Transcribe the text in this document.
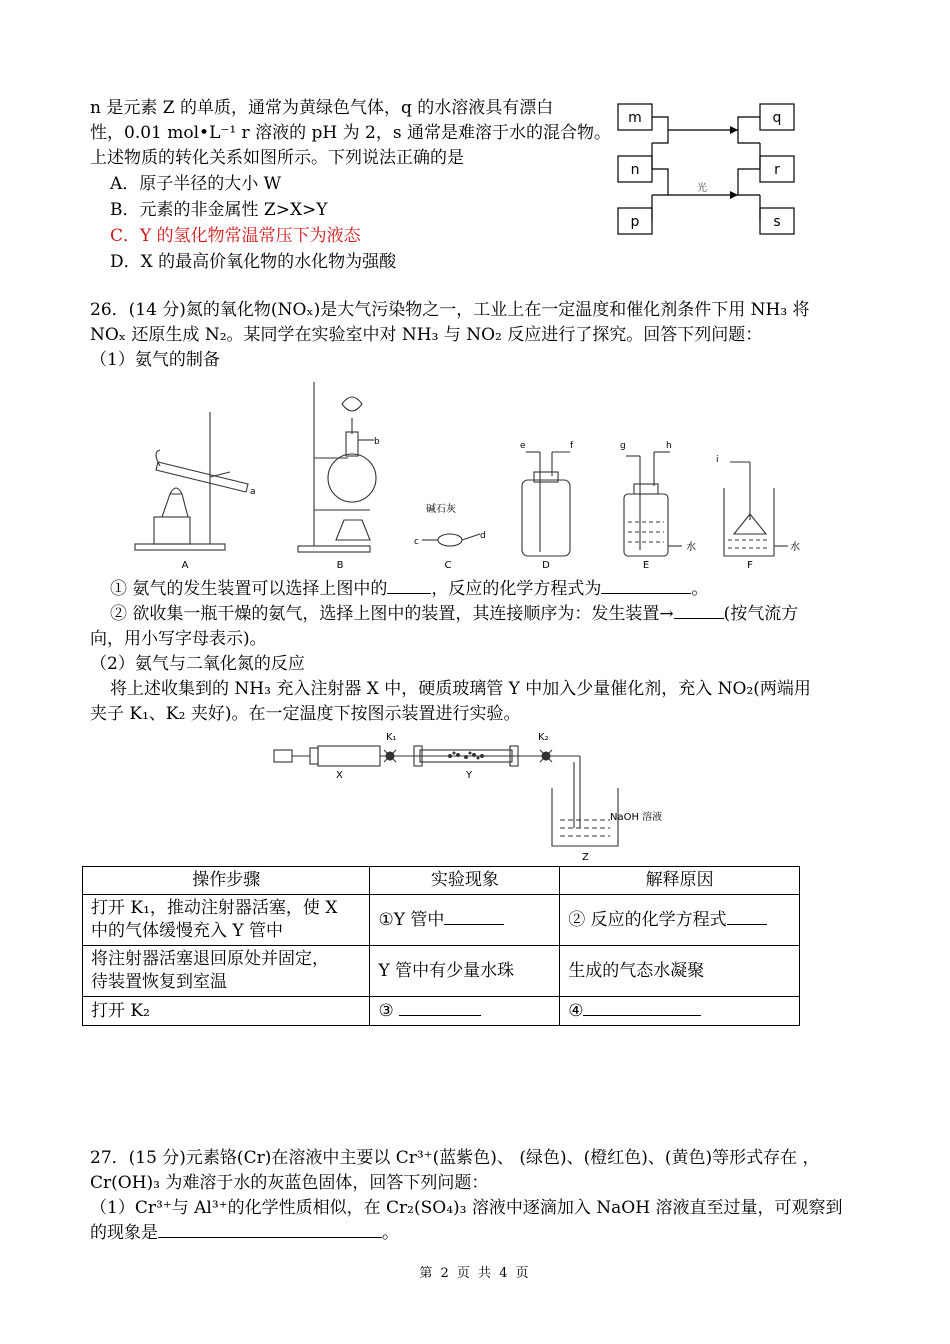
n 是元素 Z 的单质，通常为黄绿色气体，q 的水溶液具有漂白
性，0.01 mol•L⁻¹ r 溶液的 pH 为 2，s 通常是难溶于水的混合物。
上述物质的转化关系如图所示。下列说法正确的是
A．原子半径的大小 W
B．元素的非金属性 Z>X>Y
C．Y 的氢化物常温常压下为液态
D．X 的最高价氧化物的水化物为强酸
m
n
p
q
r
s
光
26．(14 分)氮的氧化物(NOₓ)是大气污染物之一，工业上在一定温度和催化剂条件下用 NH₃ 将
NOₓ 还原生成 N₂。某同学在实验室中对 NH₃ 与 NO₂ 反应进行了探究。回答下列问题：
（1）氨气的制备
A	B	C	D	E	F
a
b
c
d
e	f	g	h
i
碱石灰
水	水
① 氨气的发生装置可以选择上图中的	，反应的化学方程式为	。
② 欲收集一瓶干燥的氨气，选择上图中的装置，其连接顺序为：发生装置→	(按气流方
向，用小写字母表示)。
（2）氨气与二氧化氮的反应
将上述收集到的 NH₃ 充入注射器 X 中，硬质玻璃管 Y 中加入少量催化剂，充入 NO₂(两端用
夹子 K₁、K₂ 夹好)。在一定温度下按图示装置进行实验。
K₁	K₂
X	Y
Z
NaOH 溶液
操作步骤	实验现象	解释原因
打开 K₁，推动注射器活塞，使 X
中的气体缓慢充入 Y 管中	①Y 管中	② 反应的化学方程式
将注射器活塞退回原处并固定，
待装置恢复到室温	Y 管中有少量水珠	生成的气态水凝聚
打开 K₂	③	④
27．(15 分)元素铬(Cr)在溶液中主要以 Cr³⁺(蓝紫色)、 (绿色)、(橙红色)、(黄色)等形式存在 ，
Cr(OH)₃ 为难溶于水的灰蓝色固体，回答下列问题：
（1）Cr³⁺与 Al³⁺的化学性质相似，在 Cr₂(SO₄)₃ 溶液中逐滴加入 NaOH 溶液直至过量，可观察到
的现象是	。
第 2 页 共 4 页
